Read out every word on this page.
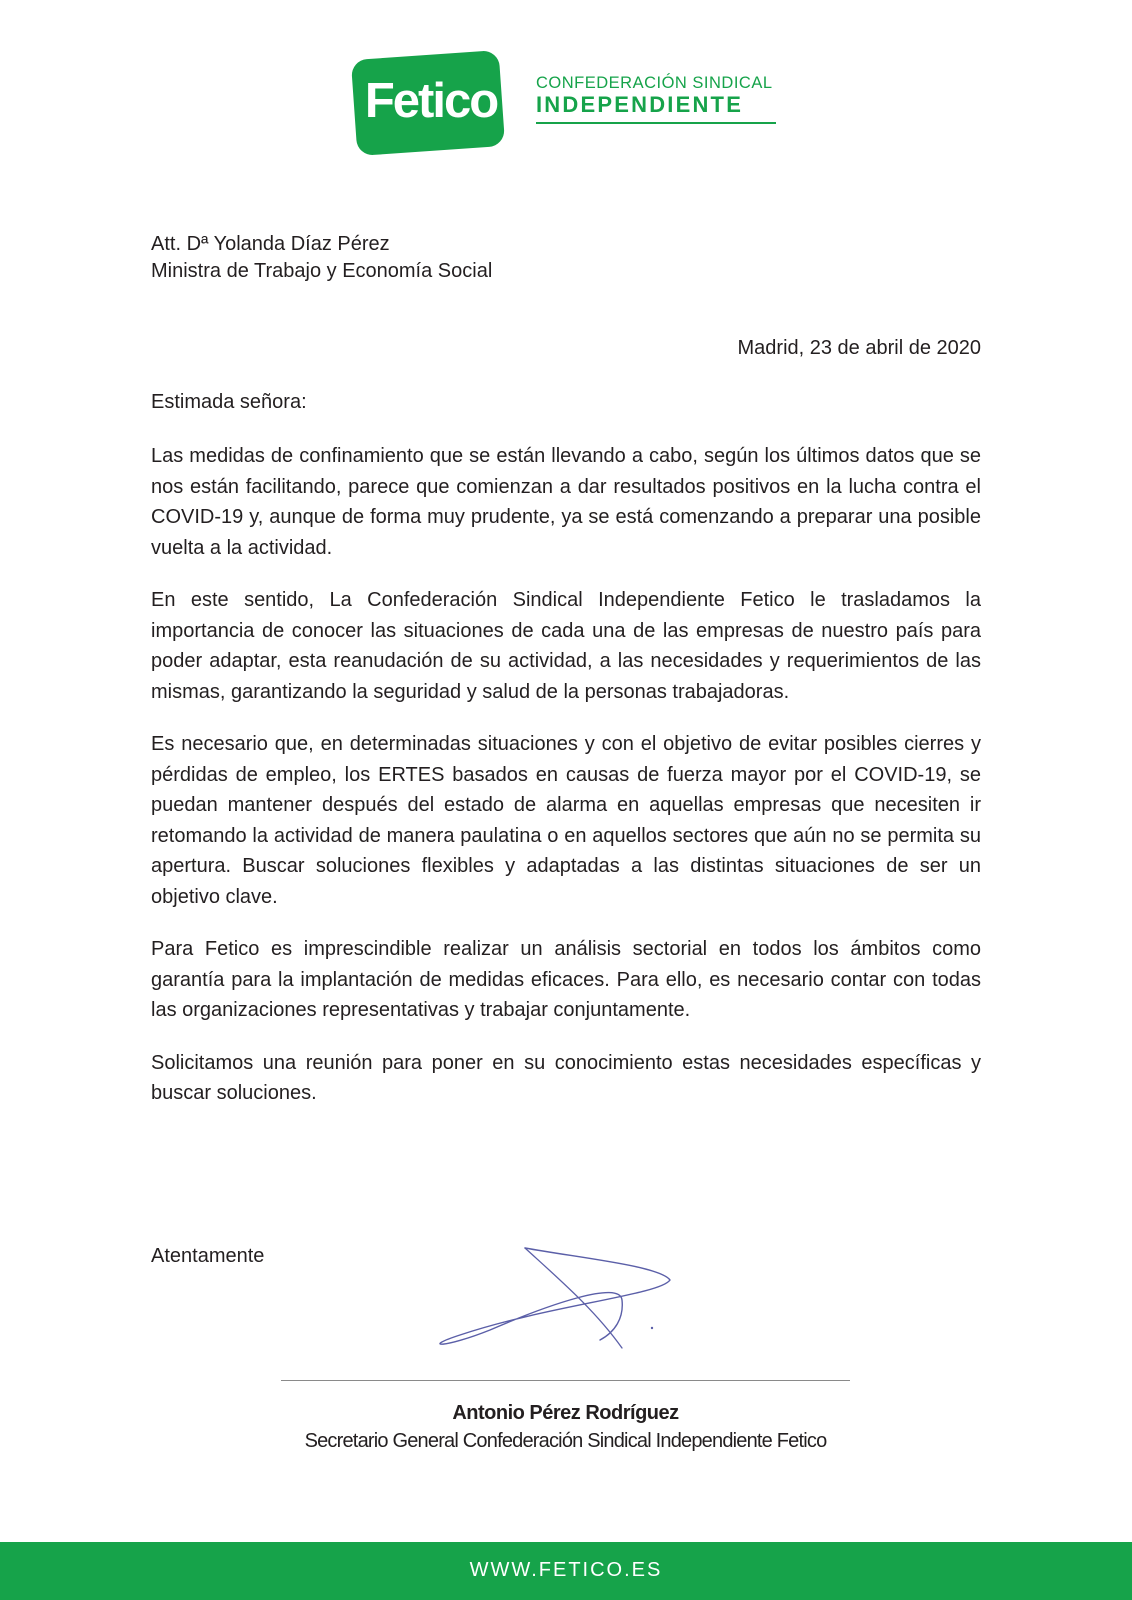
Fetico	CONFEDERACIÓN SINDICAL
INDEPENDIENTE
Att. Dª Yolanda Díaz Pérez
Ministra de Trabajo y Economía Social
Madrid, 23 de abril de 2020
Estimada señora:

Las medidas de confinamiento que se están llevando a cabo, según los últimos datos que se nos están facilitando, parece que comienzan a dar resultados positivos en la lucha contra el COVID-19 y, aunque de forma muy prudente, ya se está comenzando a preparar una posible vuelta a la actividad.

En este sentido, La Confederación Sindical Independiente Fetico le trasladamos la importancia de conocer las situaciones de cada una de las empresas de nuestro país para poder adaptar, esta reanudación de su actividad, a las necesidades y requerimientos de las mismas, garantizando la seguridad y salud de la personas trabajadoras.

Es necesario que, en determinadas situaciones y con el objetivo de evitar posibles cierres y pérdidas de empleo, los ERTES basados en causas de fuerza mayor por el COVID-19, se puedan mantener después del estado de alarma en aquellas empresas que necesiten ir retomando la actividad de manera paulatina o en aquellos sectores que aún no se permita su apertura. Buscar soluciones flexibles y adaptadas a las distintas situaciones de ser un objetivo clave.

Para Fetico es imprescindible realizar un análisis sectorial en todos los ámbitos como garantía para la implantación de medidas eficaces. Para ello, es necesario contar con todas las organizaciones representativas y trabajar conjuntamente.

Solicitamos una reunión para poner en su conocimiento estas necesidades específicas y buscar soluciones.

Atentamente
Antonio Pérez Rodríguez
Secretario General Confederación Sindical Independiente Fetico
WWW.FETICO.ES
